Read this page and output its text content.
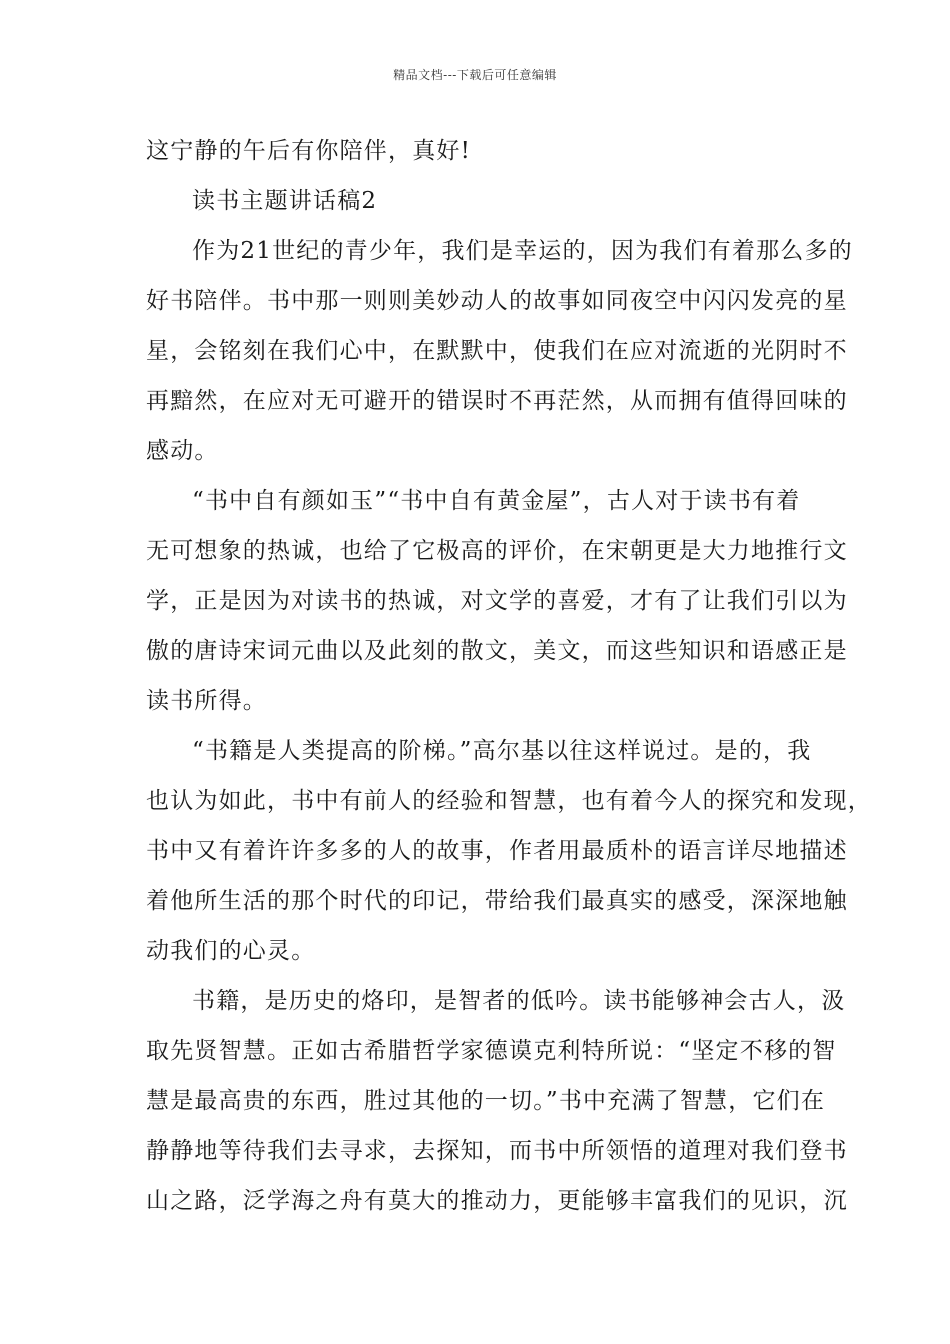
精品文档---下载后可任意编辑
这宁静的午后有你陪伴，真好!
读书主题讲话稿2
作为21世纪的青少年，我们是幸运的，因为我们有着那么多的
好书陪伴。书中那一则则美妙动人的故事如同夜空中闪闪发亮的星
星，会铭刻在我们心中，在默默中，使我们在应对流逝的光阴时不
再黯然，在应对无可避开的错误时不再茫然，从而拥有值得回味的
感动。
“书中自有颜如玉”“书中自有黄金屋”，古人对于读书有着
无可想象的热诚，也给了它极高的评价，在宋朝更是大力地推行文
学，正是因为对读书的热诚，对文学的喜爱，才有了让我们引以为
傲的唐诗宋词元曲以及此刻的散文，美文，而这些知识和语感正是
读书所得。
“书籍是人类提高的阶梯。”高尔基以往这样说过。是的，我
也认为如此，书中有前人的经验和智慧，也有着今人的探究和发现，
书中又有着许许多多的人的故事，作者用最质朴的语言详尽地描述
着他所生活的那个时代的印记，带给我们最真实的感受，深深地触
动我们的心灵。
书籍，是历史的烙印，是智者的低吟。读书能够神会古人，汲
取先贤智慧。正如古希腊哲学家德谟克利特所说：“坚定不移的智
慧是最高贵的东西，胜过其他的一切。”书中充满了智慧，它们在
静静地等待我们去寻求，去探知，而书中所领悟的道理对我们登书
山之路，泛学海之舟有莫大的推动力，更能够丰富我们的见识，沉
